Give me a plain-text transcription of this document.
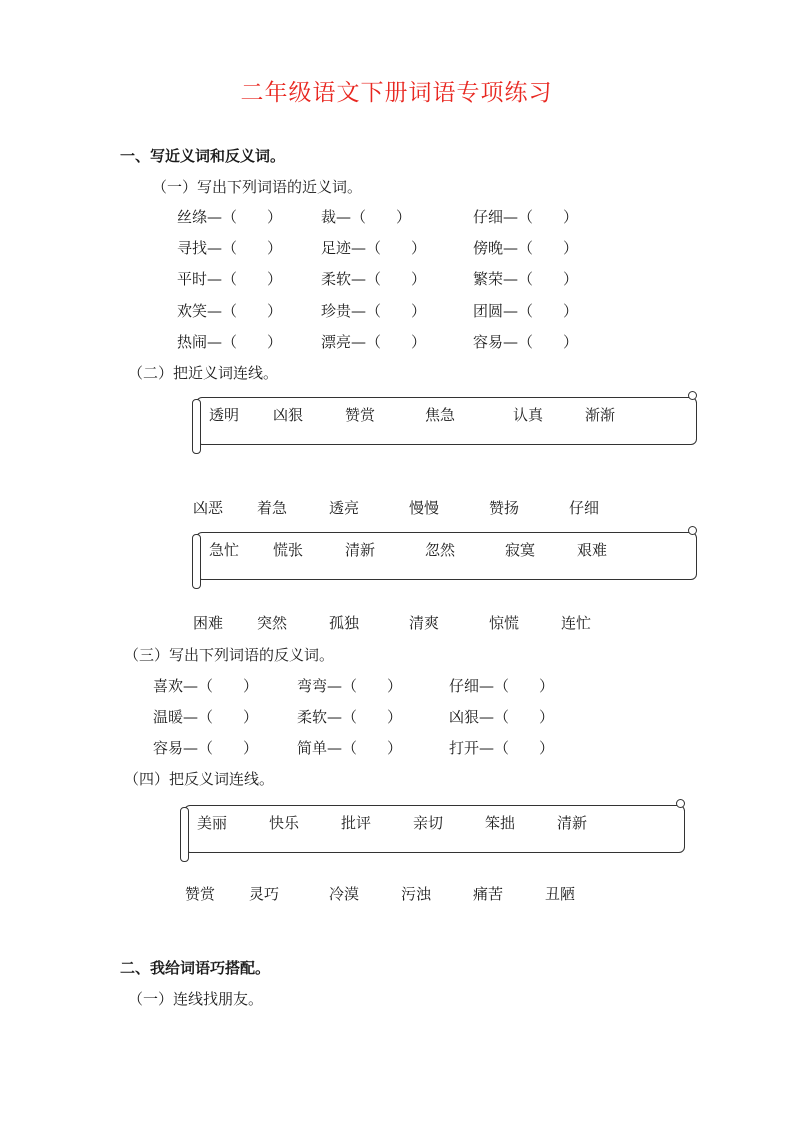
二年级语文下册词语专项练习
一、写近义词和反义词。
（一）写出下列词语的近义词。
丝绦—（　　）	裁—（　　）	仔细—（　　）
寻找—（　　）	足迹—（　　）	傍晚—（　　）
平时—（　　）	柔软—（　　）	繁荣—（　　）
欢笑—（　　）	珍贵—（　　）	团圆—（　　）
热闹—（　　）	漂亮—（　　）	容易—（　　）
（二）把近义词连线。
透明 凶狠	赞赏	焦急	认真	渐渐
凶恶 着急	透亮	慢慢	赞扬	仔细
急忙 慌张	清新	忽然	寂寞	艰难
困难 突然	孤独	清爽	惊慌	连忙
（三）写出下列词语的反义词。
喜欢—（　　）	弯弯—（　　）	仔细—（　　）
温暖—（　　）	柔软—（　　）	凶狠—（　　）
容易—（　　）	简单—（　　）	打开—（　　）
（四）把反义词连线。
美丽	快乐	批评	亲切	笨拙	清新
赞赏 灵巧	冷漠	污浊	痛苦	丑陋
二、我给词语巧搭配。
（一）连线找朋友。
